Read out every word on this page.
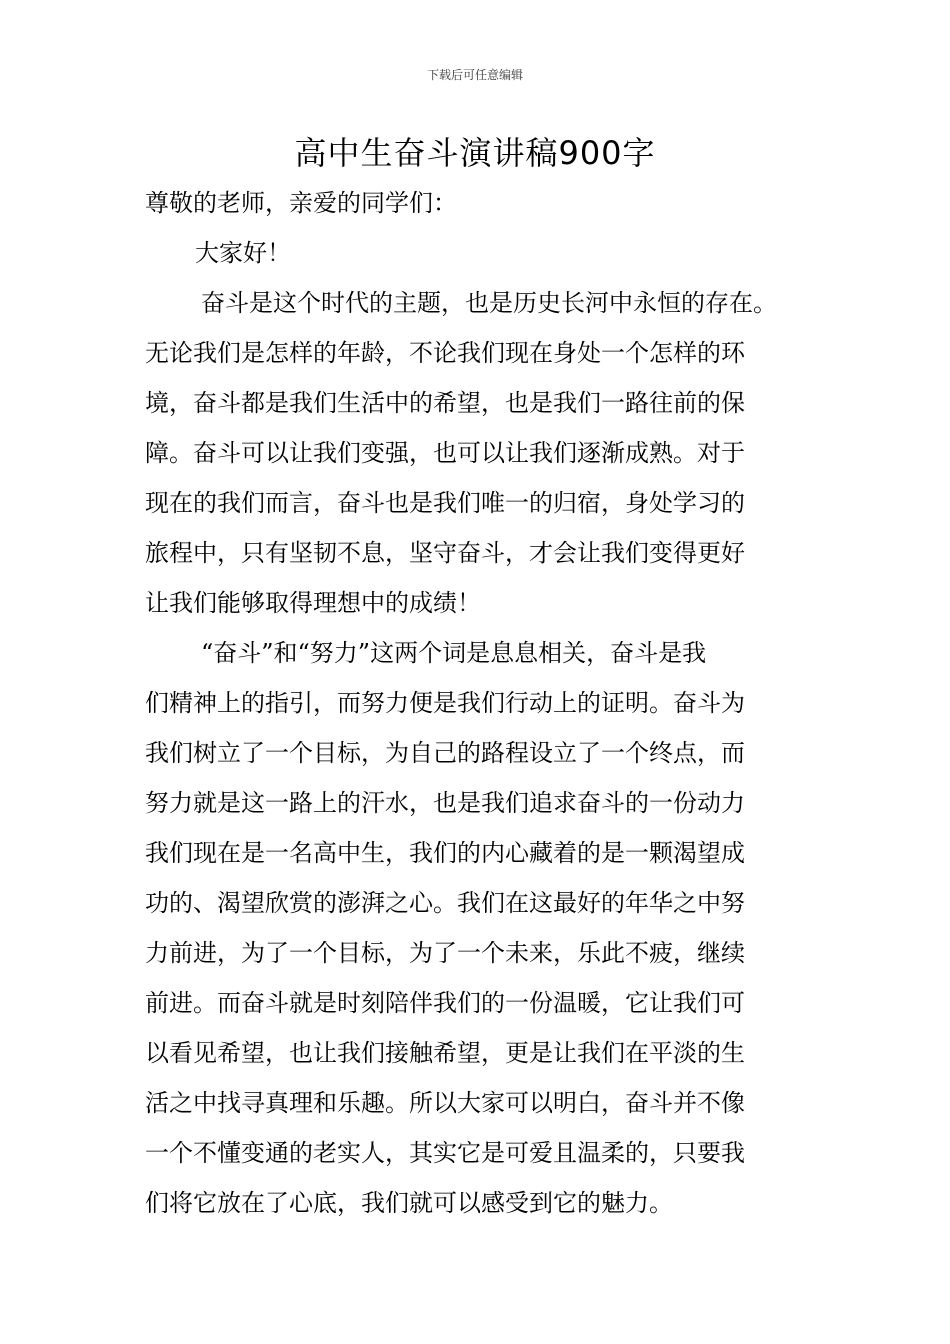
下载后可任意编辑
高中生奋斗演讲稿900字
尊敬的老师，亲爱的同学们：
大家好！
奋斗是这个时代的主题，也是历史长河中永恒的存在。
无论我们是怎样的年龄，不论我们现在身处一个怎样的环
境，奋斗都是我们生活中的希望，也是我们一路往前的保
障。奋斗可以让我们变强，也可以让我们逐渐成熟。对于
现在的我们而言，奋斗也是我们唯一的归宿，身处学习的
旅程中，只有坚韧不息，坚守奋斗，才会让我们变得更好
让我们能够取得理想中的成绩！
“奋斗”和“努力”这两个词是息息相关，奋斗是我
们精神上的指引，而努力便是我们行动上的证明。奋斗为
我们树立了一个目标，为自己的路程设立了一个终点，而
努力就是这一路上的汗水，也是我们追求奋斗的一份动力
我们现在是一名高中生，我们的内心藏着的是一颗渴望成
功的、渴望欣赏的澎湃之心。我们在这最好的年华之中努
力前进，为了一个目标，为了一个未来，乐此不疲，继续
前进。而奋斗就是时刻陪伴我们的一份温暖，它让我们可
以看见希望，也让我们接触希望，更是让我们在平淡的生
活之中找寻真理和乐趣。所以大家可以明白，奋斗并不像
一个不懂变通的老实人，其实它是可爱且温柔的，只要我
们将它放在了心底，我们就可以感受到它的魅力。
